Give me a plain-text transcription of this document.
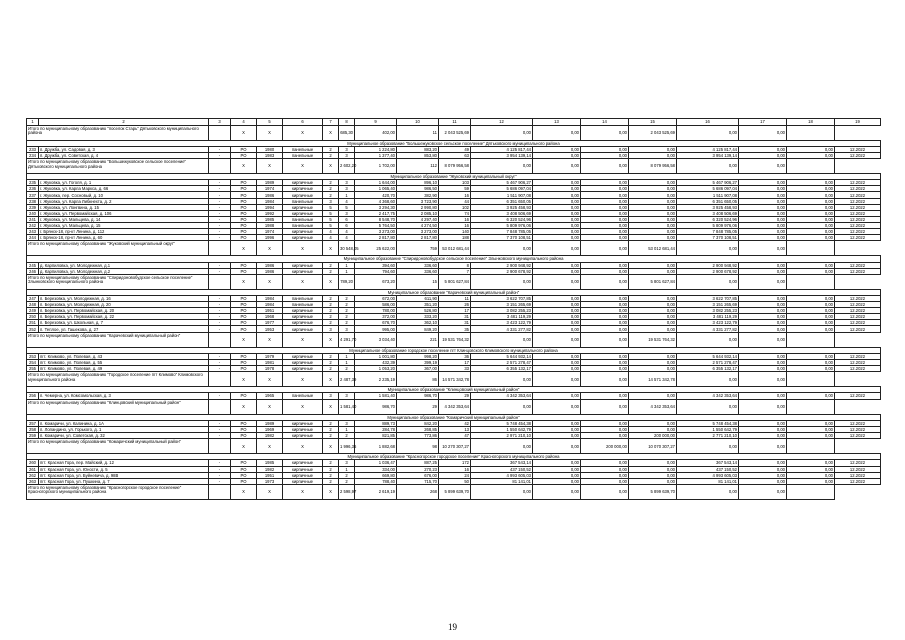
1	2	3	4	5	6	7	8	9	10	11	12	13	14	15	16	17	18	19
Итого по муниципальному образованию "поселок Старь" Дятьковского муниципального района			X	X	X	X	685,30	402,00	11	2 043 525,69	0,00	0,00	0,00	2 043 525,69	0,00	0,00		
Муниципальное образование "Большежуковское сельское поселение" Дятьковского муниципального района																		
233	п. Дружба, ул. Садовая, д. 3	-	PO	1980	панельные	2	3	1 224,80	883,20	49	4 125 817,44	0,00	0,00	0,00	4 125 817,44	0,00	0,00	12.2022
234	п. Дружба, ул. Советская, д. 4	-	PO	1983	панельные	2	3	1 377,40	853,80	63	3 954 139,14	0,00	0,00	0,00	3 954 139,14	0,00	0,00	12.2022
Итого по муниципальному образованию "Большежуковское сельское поселение" Дятьковского муниципального района			X	X	X	X	2 602,20	1 702,00	112	8 079 956,58	0,00	0,00	0,00	8 079 956,58	0,00	0,00		
Муниципальное образование "Жуковский муниципальный округ"																		
235	г. Жуковка, ул. Гоголя, д. 1	-	PO	1989	кирпичные	2	3	1 644,00	896,10	103	5 467 906,27	0,00	0,00	0,00	5 467 906,27	0,00	0,00	12.2022
236	г. Жуковка, ул. Карла Маркса, д. 66	-	PO	1974	кирпичные	2	3	1 065,40	986,50	59	5 686 097,04	0,00	0,00	0,00	5 686 097,04	0,00	0,00	12.2022
237	г. Жуковка, пер. Сосновый, д. 10	-	PO	1986	кирпичные	2	1	420,70	382,90	16	1 511 907,08	0,00	0,00	0,00	1 511 907,08	0,00	0,00	12.2022
238	г. Жуковка, ул. Карла Либкнехта, д. 2	-	PO	1984	панельные	3	4	4 368,60	3 723,90	44	6 351 650,05	0,00	0,00	0,00	6 351 650,05	0,00	0,00	12.2022
239	г. Жуковка, ул. Лонгвина, д. 15	-	PO	1994	кирпичные	5	5	3 294,30	2 990,80	102	3 925 458,93	0,00	0,00	0,00	3 925 458,93	0,00	0,00	12.2022
240	г. Жуковка, ул. Первомайская, д. 106	-	PO	1992	кирпичные	5	3	2 417,75	2 085,10	74	3 408 506,69	0,00	0,00	0,00	3 408 506,69	0,00	0,00	12.2022
241	г. Жуковка, ул. Мальцева, д. 14	-	PO	1985	панельные	5	6	8 548,70	4 297,40	16	6 320 524,96	0,00	0,00	0,00	6 320 524,96	0,00	0,00	12.2022
242	г. Жуковка, ул. Мальцева, д. 15	-	PO	1988	панельные	5	6	5 764,50	4 274,50	16	5 809 976,06	0,00	0,00	0,00	5 809 976,06	0,00	0,00	12.2022
243	г. Брянск-18, пр-кт Ленина, д. 112	-	PO	1974	кирпичные	4	4	3 273,00	3 273,00	140	7 848 785,05	0,00	0,00	0,00	7 848 785,05	0,00	0,00	12.2022
244	г. Брянск-18, пр-кт Ленина, д. 60	-	PO	1996	кирпичные	4	4	2 817,80	2 817,80	188	7 370 108,51	0,00	0,00	0,00	7 370 108,51	0,00	0,00	12.2022
Итого по муниципальному образованию "Жуковский муниципальный округ"			X	X	X	X	30 548,05	25 622,00	759	53 012 681,44	0,00	0,00	0,00	53 012 681,44	0,00	0,00		
Муниципальное образование "Спиридоновобудское сельское поселение" Злынковского муниципального района																		
245	д. Карпиловка, ул. Молодежная, д.1	-	PO	1986	кирпичные	2	1	394,60	336,60	8	2 900 948,92	0,00	0,00	0,00	2 900 948,92	0,00	0,00	12.2022
246	д. Карпиловка, ул. Молодежная, д.2	-	PO	1986	кирпичные	2	1	794,60	336,60	7	2 900 678,92	0,00	0,00	0,00	2 900 678,92	0,00	0,00	12.2022
Итого по муниципальному образованию "Спиридоновобудское сельское поселение" Злынковского муниципального района			X	X	X	X	789,20	673,20	15	5 801 627,84	0,00	0,00	0,00	5 801 627,84	0,00	0,00		
Муниципальное образование "Карачевский муниципальный район"																		
247	п. Березовка, ул. Молодежная, д. 16	-	PO	1984	панельные	2	2	672,00	611,90	11	3 622 707,85	0,00	0,00	0,00	3 622 707,85	0,00	0,00	12.2022
248	п. Березовка, ул. Молодежная, д. 20	-	PO	1984	панельные	2	2	586,00	351,20	26	3 151 265,69	0,00	0,00	0,00	3 151 265,69	0,00	0,00	12.2022
249	п. Березовка, ул. Первомайская, д. 20	-	PO	1951	кирпичные	2	2	780,00	526,80	17	3 082 255,23	0,00	0,00	0,00	3 082 255,23	0,00	0,00	12.2022
250	п. Березовка, ул. Первомайская, д. 22	-	PO	1968	кирпичные	2	2	372,00	333,20	31	3 481 119,29	0,00	0,00	0,00	3 481 119,29	0,00	0,00	12.2022
251	п. Березовка, ул. Школьная, д. 7	-	PO	1977	кирпичные	2	2	676,70	362,10	31	3 423 122,79	0,00	0,00	0,00	3 423 122,79	0,00	0,00	12.2022
252	п. Теплое, ул. Гашекова, д. 27	-	PO	1953	кирпичные	3	3	995,00	849,20	35	4 331 277,82	0,00	0,00	0,00	4 331 277,82	0,00	0,00	12.2022
Итого по муниципальному образованию "Карачевский муниципальный район"			X	X	X	X	4 291,70	3 034,40	221	19 531 764,32	0,00	0,00	0,00	19 531 764,32	0,00	0,00		
Муниципальное образование городское поселение пгт Клинцовского Климовского муниципального района																		
253	пгт. Климово, ул. Полевая, д. 43	-	PO	1979	кирпичные	2	1	1 001,80	998,20	36	5 644 932,14	0,00	0,00	0,00	5 644 932,14	0,00	0,00	12.2022
254	пгт. Климово, ул. Полевая, д. 55	-	PO	1981	кирпичные	2	1	432,39	399,19	17	2 571 278,47	0,00	0,00	0,00	2 571 278,47	0,00	0,00	12.2022
255	пгт. Климово, ул. Полевая, д. 49	-	PO	1978	кирпичные	2	2	1 053,20	367,00	33	6 355 132,17	0,00	0,00	0,00	6 355 132,17	0,00	0,00	12.2022
Итого по муниципальному образованию "Городское поселение пгт Климово" Климовского муниципального района			X	X	X	X	2 487,39	2 235,19	86	14 571 342,78	0,00	0,00	0,00	14 571 342,78	0,00	0,00		
Муниципальное образование "Клинцовский муниципальный район"																		
256	п. Чемерна, ул. Комсомольская, д. 3	-	PO	1965	панельные	3	3	1 581,40	986,70	29	4 342 353,64	0,00	0,00	0,00	4 342 353,64	0,00	0,00	12.2022
Итого по муниципальному образованию "Клинцовский муниципальный район"			X	X	X	X	1 581,40	986,70	29	4 342 353,64	0,00	0,00	0,00	4 342 353,64	0,00	0,00		
Муниципальное образование "Комаричский муниципальный район"																		
257	п. Комаричи, ул. Калинина, д. 1А	-	PO	1989	кирпичные	2	3	889,73	842,20	42	5 748 454,38	0,00	0,00	0,00	5 748 454,38	0,00	0,00	12.2022
258	п. Лопандино, ул. Горького, д. 1	-	PO	1969	кирпичные	2	1	284,78	268,85	13	1 550 642,79	0,00	0,00	0,00	1 550 642,79	0,00	0,00	12.2022
259	п. Комаричи, ул. Советская, д. 32	-	PO	1982	кирпичные	2	2	821,85	773,86	47	2 971 210,10	0,00	0,00	200 000,00	2 771 210,10	0,00	0,00	12.2022
Итого по муниципальному образованию "Комаричский муниципальный район"			X	X	X	X	1 996,36	1 882,68	98	10 270 307,27	0,00	0,00	200 000,00	10 070 307,27	0,00	0,00		
Муниципальное образование "Красногорское городское поселение" Красногорского муниципального района																		
260	пгт. Красная Гора, пер. Майский, д. 12	-	PO	1985	кирпичные	2	3	1 036,47	887,25	172	367 543,14	0,00	0,00	0,00	367 543,14	0,00	0,00	12.2022
261	пгт. Красная Гора, ул. Юности, д. 5	-	PO	1982	кирпичные	2	1	334,00	270,23	16	437 150,52	0,00	0,00	0,00	437 150,52	0,00	0,00	12.2022
262	пгт. Красная Гора, ул. Буйневича, д. 98В	-	PO	1951	кирпичные	2	2	669,80	676,00	24	4 993 605,03	0,00	0,00	0,00	4 993 605,03	0,00	0,00	12.2022
263	пгт. Красная Гора, ул. Пушкина, д. 7	-	PO	1973	кирпичные	2	2	788,40	715,70	50	81 141,01	0,00	0,00	0,00	81 141,01	0,00	0,00	12.2022
Итого по муниципальному образованию "Красногорское городское поселение" Красногорского муниципального района			X	X	X	X	2 598,97	2 619,19	268	5 899 639,70	0,00	0,00	0,00	5 899 639,70	0,00	0,00		
19
